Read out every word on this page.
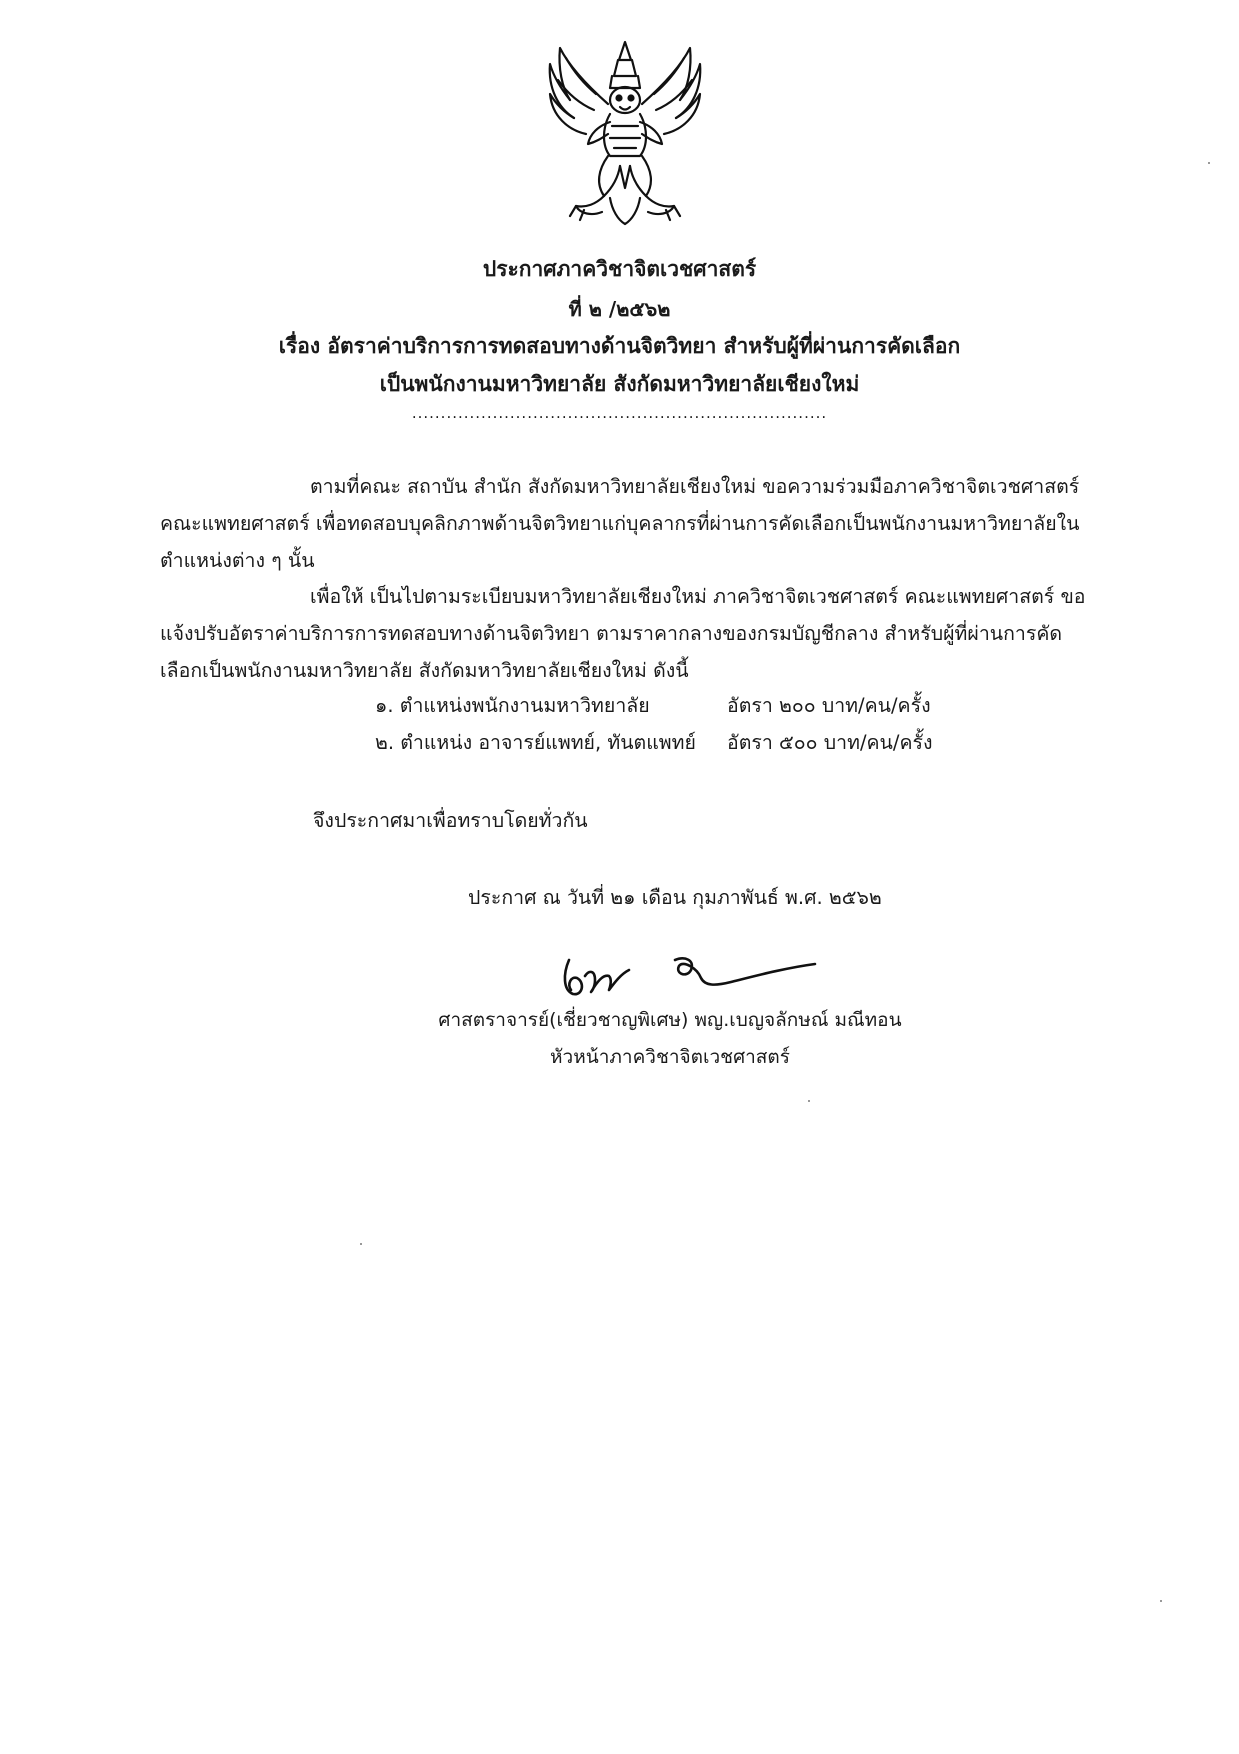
ประกาศภาควิชาจิตเวชศาสตร์
ที่ ๒ /๒๕๖๒
เรื่อง อัตราค่าบริการการทดสอบทางด้านจิตวิทยา สำหรับผู้ที่ผ่านการคัดเลือก
เป็นพนักงานมหาวิทยาลัย สังกัดมหาวิทยาลัยเชียงใหม่
........................................................................

ตามที่คณะ สถาบัน สำนัก สังกัดมหาวิทยาลัยเชียงใหม่ ขอความร่วมมือภาควิชาจิตเวชศาสตร์ คณะแพทยศาสตร์ เพื่อทดสอบบุคลิกภาพด้านจิตวิทยาแก่บุคลากรที่ผ่านการคัดเลือกเป็นพนักงานมหาวิทยาลัยในตำแหน่งต่าง ๆ นั้น

เพื่อให้ เป็นไปตามระเบียบมหาวิทยาลัยเชียงใหม่ ภาควิชาจิตเวชศาสตร์ คณะแพทยศาสตร์ ขอแจ้งปรับอัตราค่าบริการการทดสอบทางด้านจิตวิทยา ตามราคากลางของกรมบัญชีกลาง สำหรับผู้ที่ผ่านการคัดเลือกเป็นพนักงานมหาวิทยาลัย สังกัดมหาวิทยาลัยเชียงใหม่ ดังนี้

๑. ตำแหน่งพนักงานมหาวิทยาลัย	อัตรา ๒๐๐ บาท/คน/ครั้ง
๒. ตำแหน่ง อาจารย์แพทย์, ทันตแพทย์ อัตรา ๕๐๐ บาท/คน/ครั้ง
จึงประกาศมาเพื่อทราบโดยทั่วกัน
ประกาศ ณ วันที่ ๒๑ เดือน กุมภาพันธ์ พ.ศ. ๒๕๖๒
ศาสตราจารย์(เชี่ยวชาญพิเศษ) พญ.เบญจลักษณ์ มณีทอน
หัวหน้าภาควิชาจิตเวชศาสตร์
